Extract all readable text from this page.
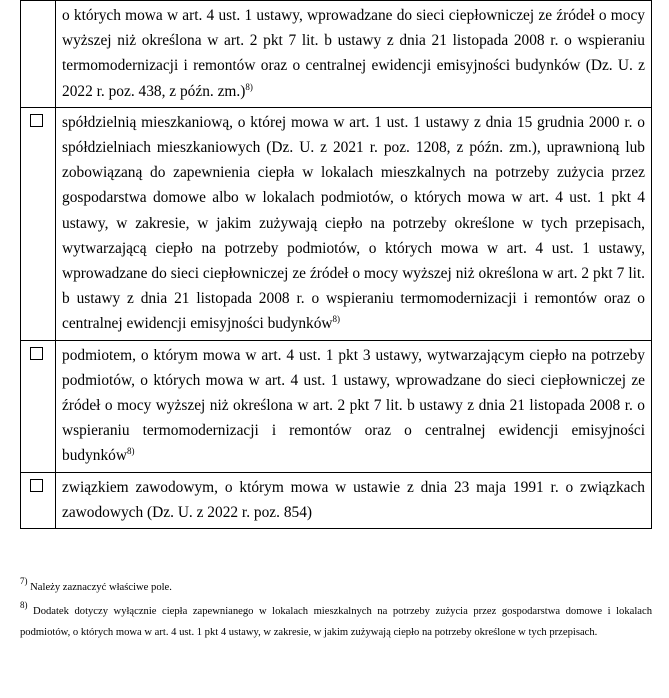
	o których mowa w art. 4 ust. 1 ustawy, wprowadzane do sieci ciepłowniczej ze źródeł o mocy wyższej niż określona w art. 2 pkt 7 lit. b ustawy z dnia 21 listopada 2008 r. o wspieraniu termomodernizacji i remontów oraz o centralnej ewidencji emisyjności budynków (Dz. U. z 2022 r. poz. 438, z późn. zm.)$^{8)}$

	spółdzielnią mieszkaniową, o której mowa w art. 1 ust. 1 ustawy z dnia 15 grudnia 2000 r. o spółdzielniach mieszkaniowych (Dz. U. z 2021 r. poz. 1208, z późn. zm.), uprawnioną lub zobowiązaną do zapewnienia ciepła w lokalach mieszkalnych na potrzeby zużycia przez gospodarstwa domowe albo w lokalach podmiotów, o których mowa w art. 4 ust. 1 pkt 4 ustawy, w zakresie, w jakim zużywają ciepło na potrzeby określone w tych przepisach, wytwarzającą ciepło na potrzeby podmiotów, o których mowa w art. 4 ust. 1 ustawy, wprowadzane do sieci ciepłowniczej ze źródeł o mocy wyższej niż określona w art. 2 pkt 7 lit. b ustawy z dnia 21 listopada 2008 r. o wspieraniu termomodernizacji i remontów oraz o centralnej ewidencji emisyjności budynków$^{8)}$

	podmiotem, o którym mowa w art. 4 ust. 1 pkt 3 ustawy, wytwarzającym ciepło na potrzeby podmiotów, o których mowa w art. 4 ust. 1 ustawy, wprowadzane do sieci ciepłowniczej ze źródeł o mocy wyższej niż określona w art. 2 pkt 7 lit. b ustawy z dnia 21 listopada 2008 r. o wspieraniu termomodernizacji i remontów oraz o centralnej ewidencji emisyjności budynków$^{8)}$

	związkiem zawodowym, o którym mowa w ustawie z dnia 23 maja 1991 r. o związkach zawodowych (Dz. U. z 2022 r. poz. 854)
$^{7)}$ Należy zaznaczyć właściwe pole.
$^{8)}$ Dodatek dotyczy wyłącznie ciepła zapewnianego w lokalach mieszkalnych na potrzeby zużycia przez gospodarstwa domowe i lokalach podmiotów, o których mowa w art. 4 ust. 1 pkt 4 ustawy, w zakresie, w jakim zużywają ciepło na potrzeby określone w tych przepisach.
